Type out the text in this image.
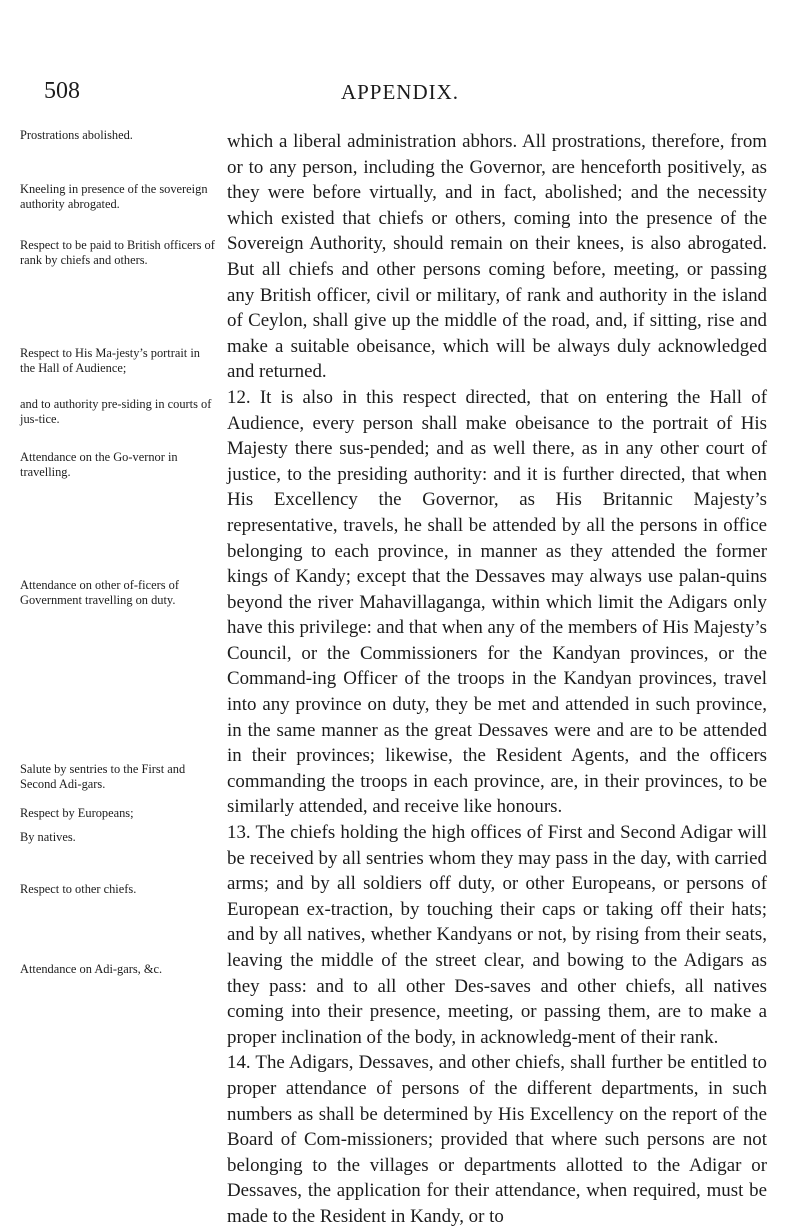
508	APPENDIX.
Prostrations abolished.
Kneeling in presence of the sovereign authority abrogated.
Respect to be paid to British officers of rank by chiefs and others.
Respect to His Ma-jesty’s portrait in the Hall of Audience;
and to authority pre-siding in courts of jus-tice.
Attendance on the Go-vernor in travelling.
Attendance on other of-ficers of Government travelling on duty.
Salute by sentries to the First and Second Adi-gars.
Respect by Europeans;
By natives.
Respect to other chiefs.
Attendance on Adi-gars, &c.

which a liberal administration abhors. All prostrations, therefore, from or to any person, including the Governor, are henceforth positively, as they were before virtually, and in fact, abolished; and the necessity which existed that chiefs or others, coming into the presence of the Sovereign Authority, should remain on their knees, is also abrogated. But all chiefs and other persons coming before, meeting, or passing any British officer, civil or military, of rank and authority in the island of Ceylon, shall give up the middle of the road, and, if sitting, rise and make a suitable obeisance, which will be always duly acknowledged and returned.

12. It is also in this respect directed, that on entering the Hall of Audience, every person shall make obeisance to the portrait of His Majesty there sus-pended; and as well there, as in any other court of justice, to the presiding authority: and it is further directed, that when His Excellency the Governor, as His Britannic Majesty’s representative, travels, he shall be attended by all the persons in office belonging to each province, in manner as they attended the former kings of Kandy; except that the Dessaves may always use palan-quins beyond the river Mahavillaganga, within which limit the Adigars only have this privilege: and that when any of the members of His Majesty’s Council, or the Commissioners for the Kandyan provinces, or the Command-ing Officer of the troops in the Kandyan provinces, travel into any province on duty, they be met and attended in such province, in the same manner as the great Dessaves were and are to be attended in their provinces; likewise, the Resident Agents, and the officers commanding the troops in each province, are, in their provinces, to be similarly attended, and receive like honours.

13. The chiefs holding the high offices of First and Second Adigar will be received by all sentries whom they may pass in the day, with carried arms; and by all soldiers off duty, or other Europeans, or persons of European ex-traction, by touching their caps or taking off their hats; and by all natives, whether Kandyans or not, by rising from their seats, leaving the middle of the street clear, and bowing to the Adigars as they pass: and to all other Des-saves and other chiefs, all natives coming into their presence, meeting, or passing them, are to make a proper inclination of the body, in acknowledg-ment of their rank.

14. The Adigars, Dessaves, and other chiefs, shall further be entitled to proper attendance of persons of the different departments, in such numbers as shall be determined by His Excellency on the report of the Board of Com-missioners; provided that where such persons are not belonging to the villages or departments allotted to the Adigar or Dessaves, the application for their attendance, when required, must be made to the Resident in Kandy, or to
